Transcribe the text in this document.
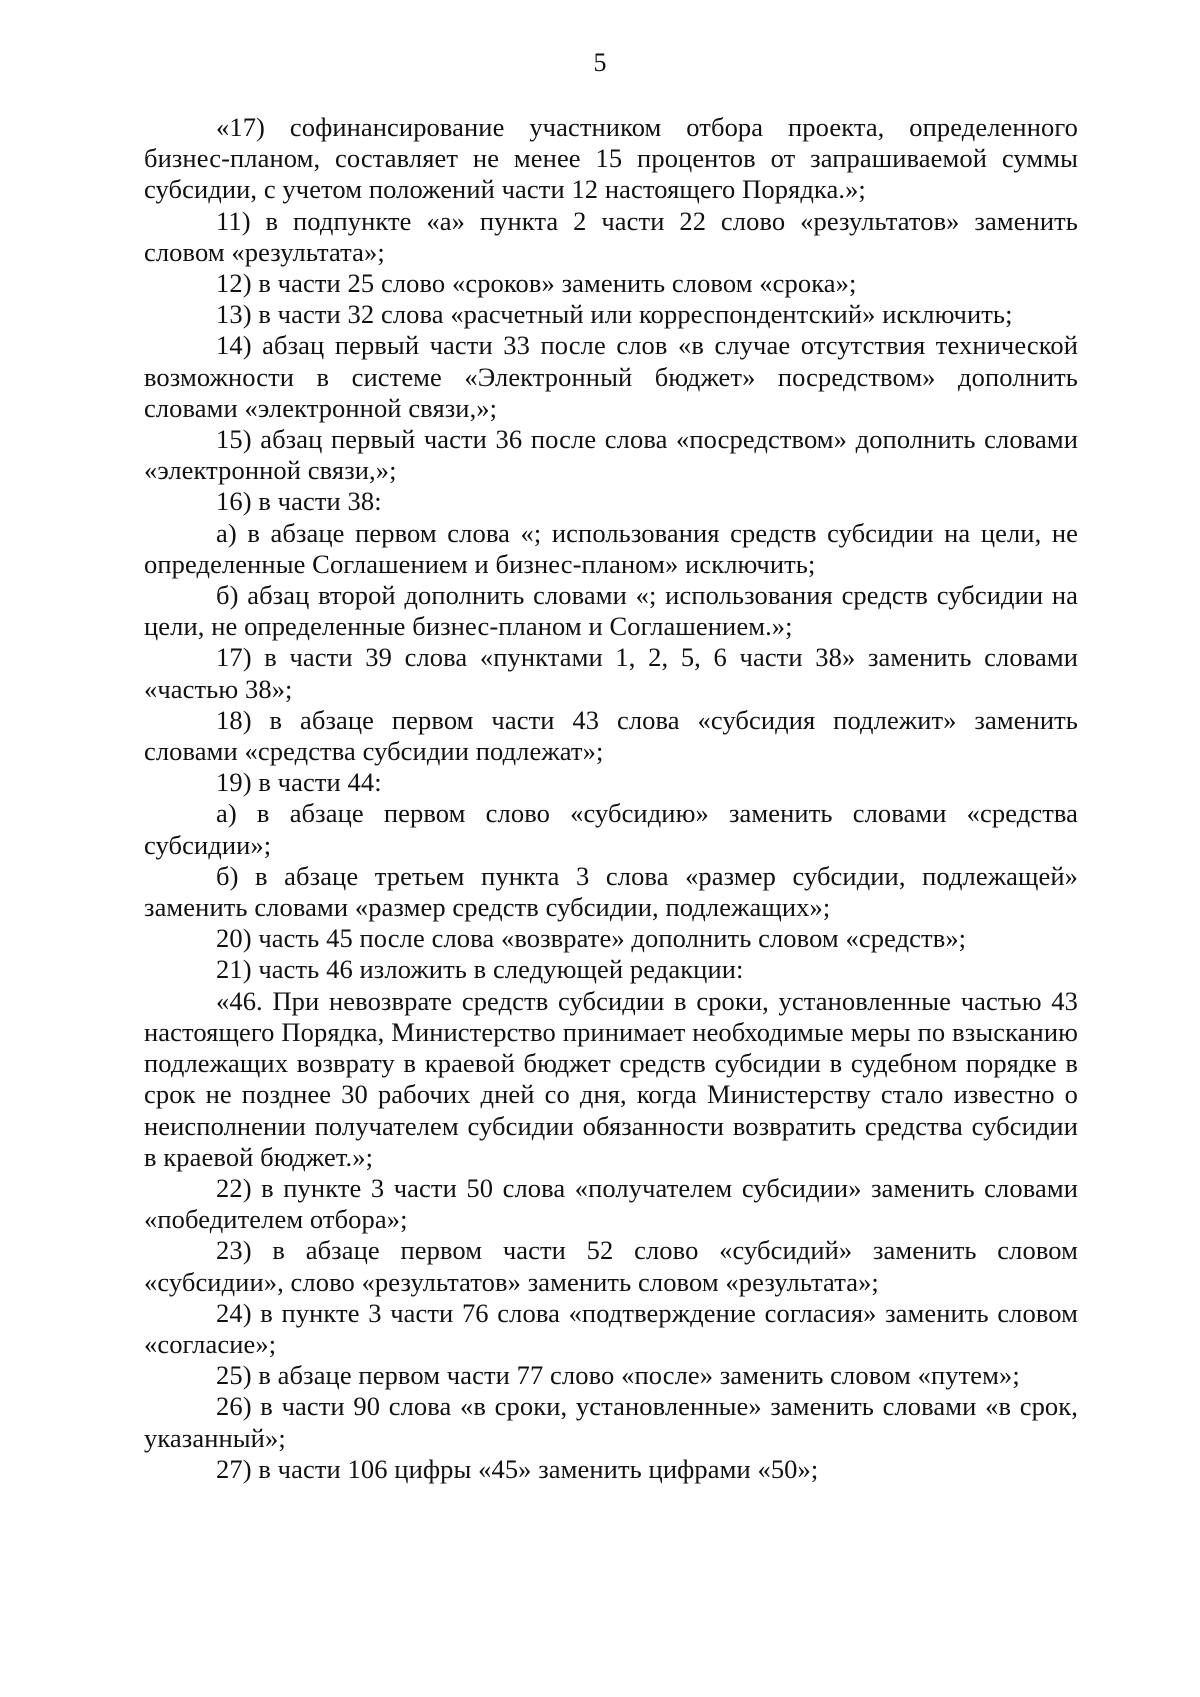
5

«17) софинансирование участником отбора проекта, определенного бизнес-планом, составляет не менее 15 процентов от запрашиваемой суммы субсидии, с учетом положений части 12 настоящего Порядка.»;

11) в подпункте «а» пункта 2 части 22 слово «результатов» заменить словом «результата»;

12) в части 25 слово «сроков» заменить словом «срока»;

13) в части 32 слова «расчетный или корреспондентский» исключить;

14) абзац первый части 33 после слов «в случае отсутствия технической возможности в системе «Электронный бюджет» посредством» дополнить словами «электронной связи,»;

15) абзац первый части 36 после слова «посредством» дополнить словами «электронной связи,»;

16) в части 38:

а) в абзаце первом слова «; использования средств субсидии на цели, не определенные Соглашением и бизнес-планом» исключить;

б) абзац второй дополнить словами «; использования средств субсидии на цели, не определенные бизнес-планом и Соглашением.»;

17) в части 39 слова «пунктами 1, 2, 5, 6 части 38» заменить словами «частью 38»;

18) в абзаце первом части 43 слова «субсидия подлежит» заменить словами «средства субсидии подлежат»;

19) в части 44:

а) в абзаце первом слово «субсидию» заменить словами «средства субсидии»;

б) в абзаце третьем пункта 3 слова «размер субсидии, подлежащей» заменить словами «размер средств субсидии, подлежащих»;

20) часть 45 после слова «возврате» дополнить словом «средств»;

21) часть 46 изложить в следующей редакции:

«46. При невозврате средств субсидии в сроки, установленные частью 43 настоящего Порядка, Министерство принимает необходимые меры по взысканию подлежащих возврату в краевой бюджет средств субсидии в судебном порядке в срок не позднее 30 рабочих дней со дня, когда Министерству стало известно о неисполнении получателем субсидии обязанности возвратить средства субсидии в краевой бюджет.»;

22) в пункте 3 части 50 слова «получателем субсидии» заменить словами «победителем отбора»;

23) в абзаце первом части 52 слово «субсидий» заменить словом «субсидии», слово «результатов» заменить словом «результата»;

24) в пункте 3 части 76 слова «подтверждение согласия» заменить словом «согласие»;

25) в абзаце первом части 77 слово «после» заменить словом «путем»;

26) в части 90 слова «в сроки, установленные» заменить словами «в срок, указанный»;

27) в части 106 цифры «45» заменить цифрами «50»;
